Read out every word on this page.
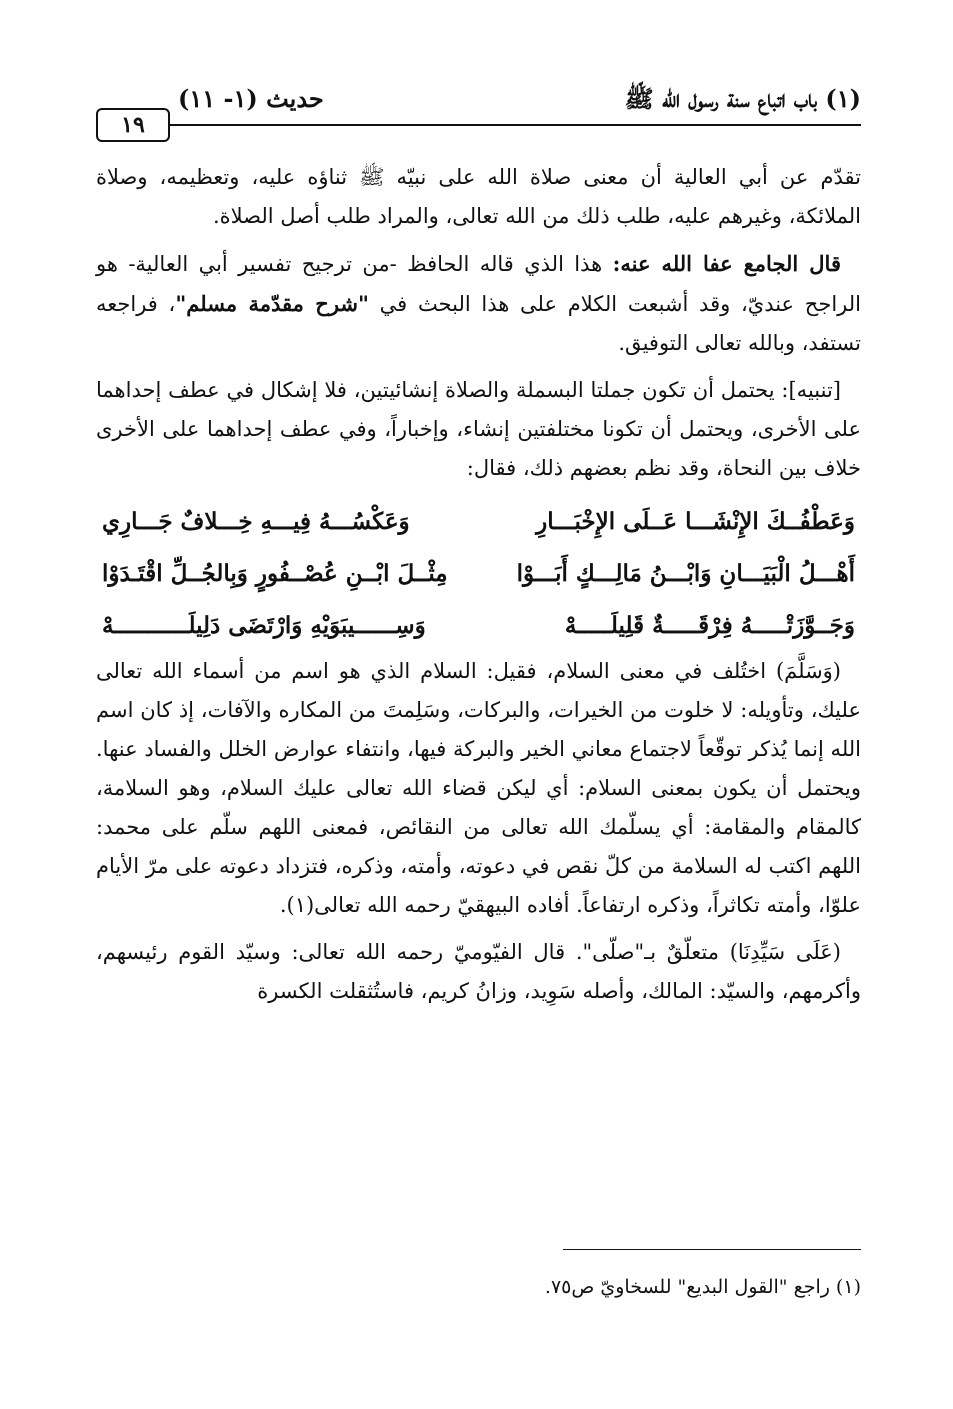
(١) باب اتباع سنة رسول الله ﷺ
حديث (١- ١١)
١٩

تقدّم عن أبي العالية أن معنى صلاة الله على نبيّه ﷺ ثناؤه عليه، وتعظيمه، وصلاة الملائكة، وغيرهم عليه، طلب ذلك من الله تعالى، والمراد طلب أصل الصلاة.

قال الجامع عفا الله عنه: هذا الذي قاله الحافظ -من ترجيح تفسير أبي العالية- هو الراجح عنديّ، وقد أشبعت الكلام على هذا البحث في "شرح مقدّمة مسلم"، فراجعه تستفد، وبالله تعالى التوفيق.

[تنبيه]: يحتمل أن تكون جملتا البسملة والصلاة إنشائيتين، فلا إشكال في عطف إحداهما على الأخرى، ويحتمل أن تكونا مختلفتين إنشاء، وإخباراً، وفي عطف إحداهما على الأخرى خلاف بين النحاة، وقد نظم بعضهم ذلك، فقال:

وَعَطْفُــكَ الإِنْشَـــا عَــلَى الإِخْبَـــارِ
وَعَكْسُـــهُ فِيـــهِ خِـــلافٌ جَـــارِي
أَهْـــلُ الْبَيَـــانِ وَابْـــنُ مَالِـــكٍ أَبَـــوْا
مِثْــلَ ابْــنِ عُصْــفُورٍ وَبِالجُــلِّ اقْتَـدَوْا
وَجَــوَّزَتْـــــهُ فِرْقَـــــةٌ قَلِيلَـــــهْ
وَسِــــــيبَوَيْهِ وَارْتَضَى دَلِيلَـــــــــــهْ

(وَسَلَّمَ) اختُلف في معنى السلام، فقيل: السلام الذي هو اسم من أسماء الله تعالى عليك، وتأويله: لا خلوت من الخيرات، والبركات، وسَلِمتَ من المكاره والآفات، إذ كان اسم الله إنما يُذكر توقّعاً لاجتماع معاني الخير والبركة فيها، وانتفاء عوارض الخلل والفساد عنها. ويحتمل أن يكون بمعنى السلام: أي ليكن قضاء الله تعالى عليك السلام، وهو السلامة، كالمقام والمقامة: أي يسلّمك الله تعالى من النقائص، فمعنى اللهم سلّم على محمد: اللهم اكتب له السلامة من كلّ نقص في دعوته، وأمته، وذكره، فتزداد دعوته على مرّ الأيام علوّا، وأمته تكاثراً، وذكره ارتفاعاً. أفاده البيهقيّ رحمه الله تعالى(١).

(عَلَى سَيِّدِنَا) متعلّقٌ بـ"صلّى". قال الفيّوميّ رحمه الله تعالى: وسيّد القوم رئيسهم، وأكرمهم، والسيّد: المالك، وأصله سَوِيد، وزانُ كريم، فاستُثقلت الكسرة

(١) راجع "القول البديع" للسخاويّ ص٧٥.
